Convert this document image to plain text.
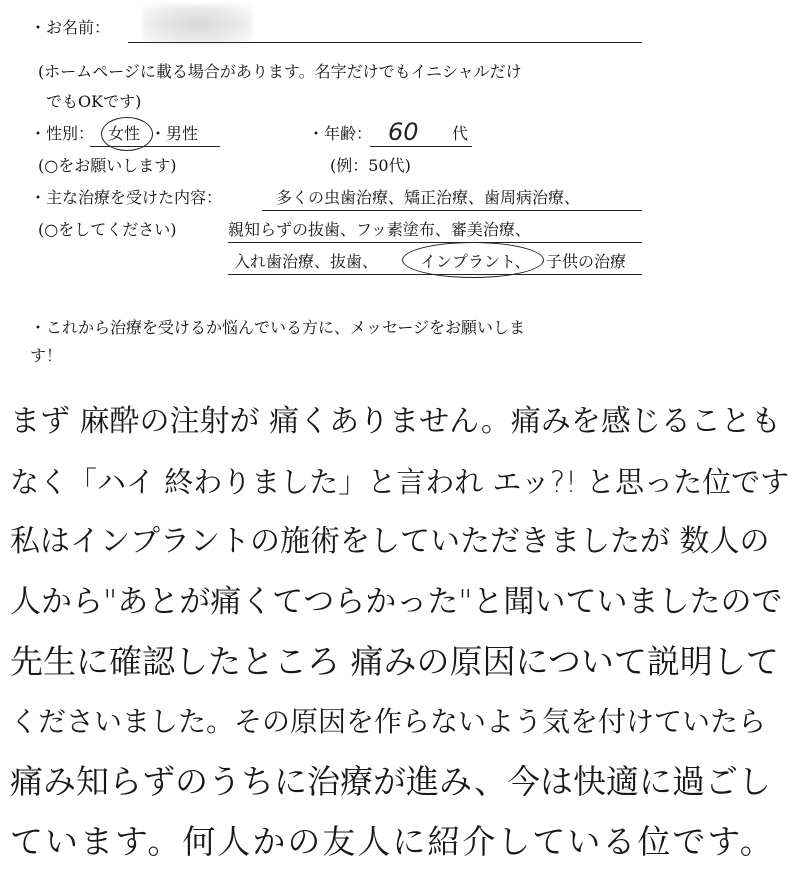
・お名前：
(ホームページに載る場合があります。名字だけでもイニシャルだけ
でもOKです)
・性別： 女性 ・ 男性
(○をお願いします)
・年齢： 60 代
(例：50代)
・主な治療を受けた内容：	多くの虫歯治療、矯正治療、歯周病治療、
(○をしてください)	親知らずの抜歯、フッ素塗布、審美治療、
入れ歯治療、抜歯、	インプラント、 子供の治療
・これから治療を受けるか悩んでいる方に、メッセージをお願いしま
す！
まず 麻酔の注射が 痛くありません。痛みを感じることも
なく「ハイ 終わりました」と言われ エッ?! と思った位です
私はインプラントの施術をしていただきましたが 数人の
人から"あとが痛くてつらかった"と聞いていましたので
先生に確認したところ 痛みの原因について説明して
くださいました。その原因を作らないよう気を付けていたら
痛み知らずのうちに治療が進み、今は快適に過ごし
ています。何人かの友人に紹介している位です。
